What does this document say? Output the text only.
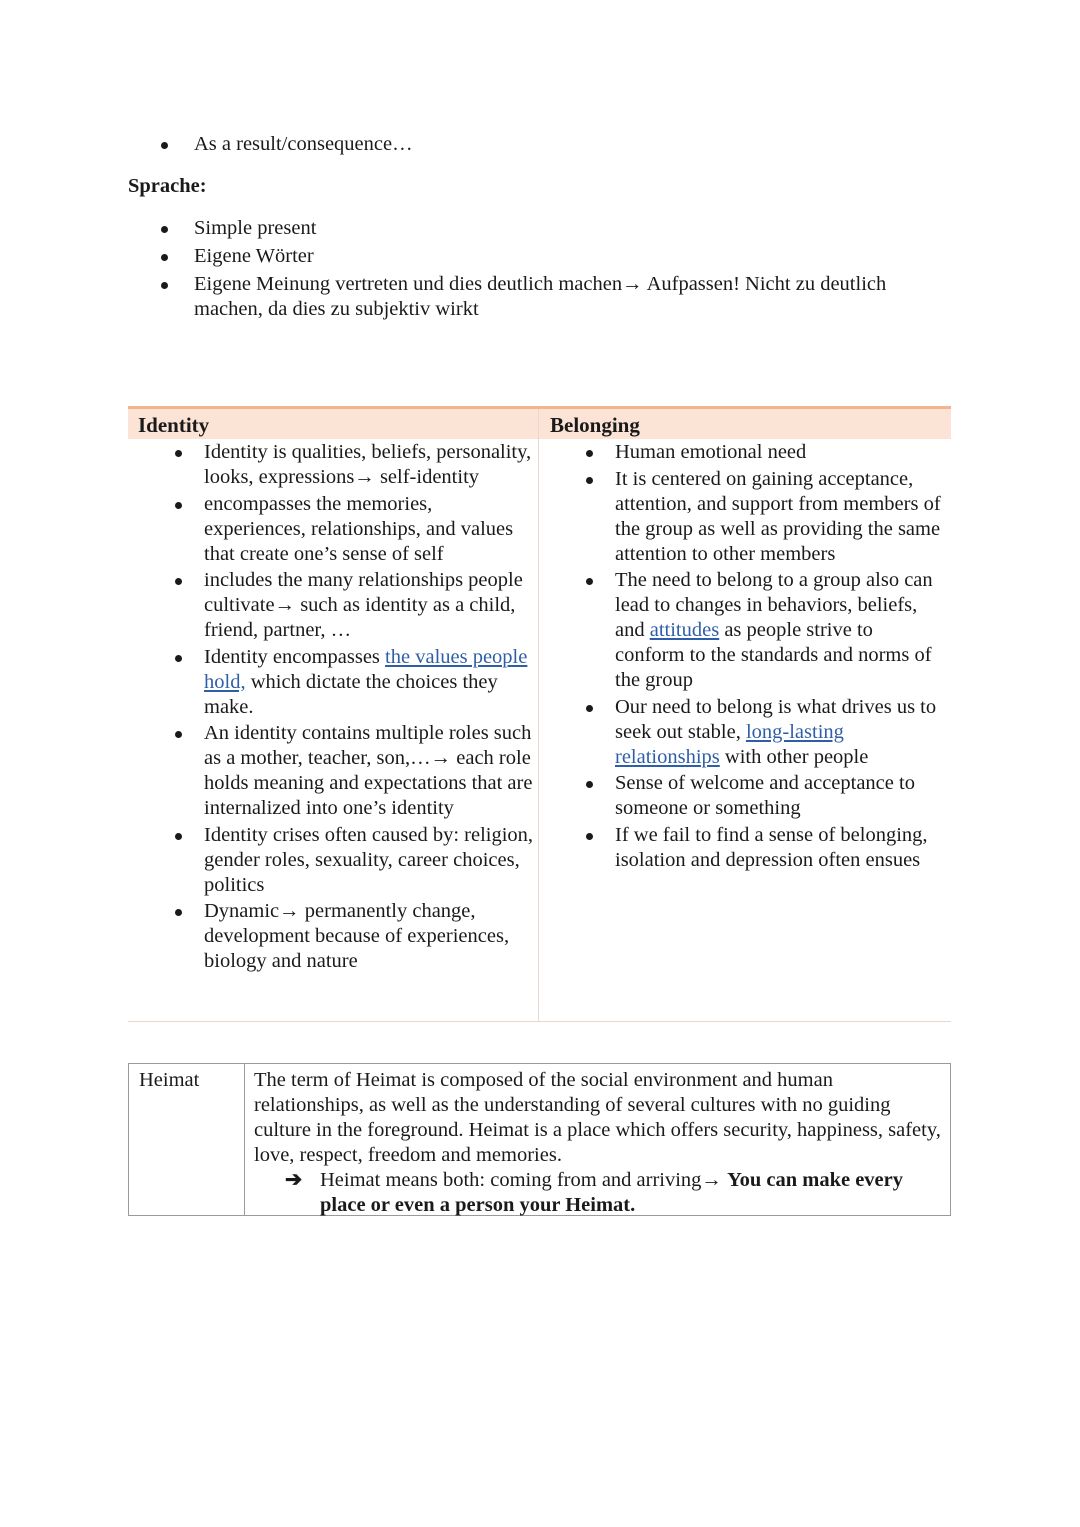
As a result/consequence…
Sprache:
Simple present
Eigene Wörter
Eigene Meinung vertreten und dies deutlich machen→ Aufpassen! Nicht zu deutlich machen, da dies zu subjektiv wirkt
Identity	Belonging
Identity is qualities, beliefs, personality, looks, expressions→ self-identity
encompasses the memories, experiences, relationships, and values that create one’s sense of self
includes the many relationships people cultivate→ such as identity as a child, friend, partner, …
Identity encompasses the values people hold, which dictate the choices they make.
An identity contains multiple roles such as a mother, teacher, son,…→ each role holds meaning and expectations that are internalized into one’s identity
Identity crises often caused by: religion, gender roles, sexuality, career choices, politics
Dynamic→ permanently change, development because of experiences, biology and nature
Human emotional need
It is centered on gaining acceptance, attention, and support from members of the group as well as providing the same attention to other members
The need to belong to a group also can lead to changes in behaviors, beliefs, and attitudes as people strive to conform to the standards and norms of the group
Our need to belong is what drives us to seek out stable, long-lasting relationships with other people
Sense of welcome and acceptance to someone or something
If we fail to find a sense of belonging, isolation and depression often ensues
Heimat	The term of Heimat is composed of the social environment and human relationships, as well as the understanding of several cultures with no guiding culture in the foreground. Heimat is a place which offers security, happiness, safety, love, respect, freedom and memories.
➔ Heimat means both: coming from and arriving→ You can make every place or even a person your Heimat.
